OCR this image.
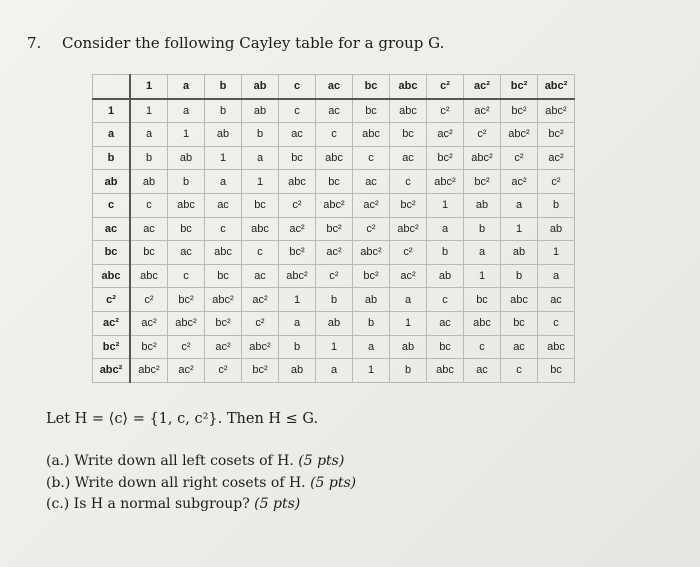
7. Consider the following Cayley table for a group G.
	1	a	b	ab	c	ac	bc	abc	c²	ac²	bc²	abc²
1	1	a	b	ab	c	ac	bc	abc	c²	ac²	bc²	abc²
a	a	1	ab	b	ac	c	abc	bc	ac²	c²	abc²	bc²
b	b	ab	1	a	bc	abc	c	ac	bc²	abc²	c²	ac²
ab	ab	b	a	1	abc	bc	ac	c	abc²	bc²	ac²	c²
c	c	abc	ac	bc	c²	abc²	ac²	bc²	1	ab	a	b
ac	ac	bc	c	abc	ac²	bc²	c²	abc²	a	b	1	ab
bc	bc	ac	abc	c	bc²	ac²	abc²	c²	b	a	ab	1
abc	abc	c	bc	ac	abc²	c²	bc²	ac²	ab	1	b	a
c²	c²	bc²	abc²	ac²	1	b	ab	a	c	bc	abc	ac
ac²	ac²	abc²	bc²	c²	a	ab	b	1	ac	abc	bc	c
bc²	bc²	c²	ac²	abc²	b	1	a	ab	bc	c	ac	abc
abc²	abc²	ac²	c²	bc²	ab	a	1	b	abc	ac	c	bc
Let H = ⟨c⟩ = {1, c, c²}. Then H ≤ G.
(a.) Write down all left cosets of H. (5 pts)
(b.) Write down all right cosets of H. (5 pts)
(c.) Is H a normal subgroup? (5 pts)
